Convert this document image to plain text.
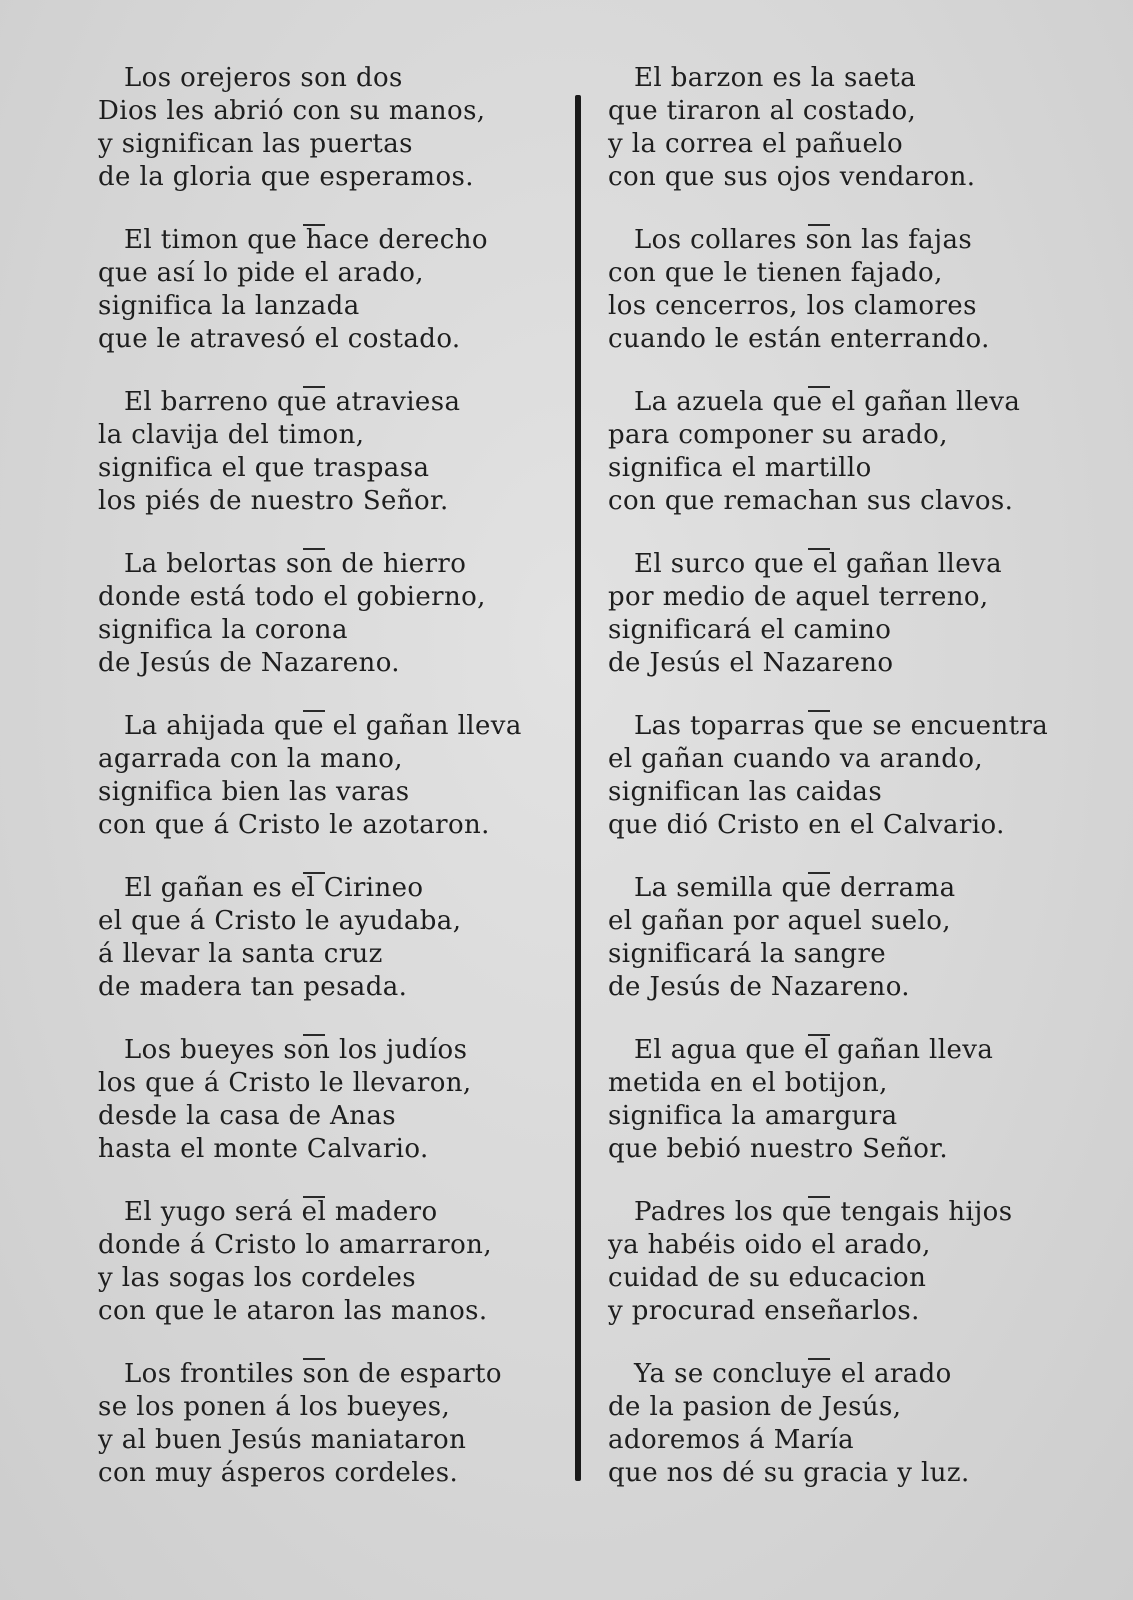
Los orejeros son dos
Dios les abrió con su manos,
y significan las puertas
de la gloria que esperamos.
El timon que hace derecho
que así lo pide el arado,
significa la lanzada
que le atravesó el costado.
El barreno que atraviesa
la clavija del timon,
significa el que traspasa
los piés de nuestro Señor.
La belortas son de hierro
donde está todo el gobierno,
significa la corona
de Jesús de Nazareno.
La ahijada que el gañan lleva
agarrada con la mano,
significa bien las varas
con que á Cristo le azotaron.
El gañan es el Cirineo
el que á Cristo le ayudaba,
á llevar la santa cruz
de madera tan pesada.
Los bueyes son los judíos
los que á Cristo le llevaron,
desde la casa de Anas
hasta el monte Calvario.
El yugo será el madero
donde á Cristo lo amarraron,
y las sogas los cordeles
con que le ataron las manos.
Los frontiles son de esparto
se los ponen á los bueyes,
y al buen Jesús maniataron
con muy ásperos cordeles.
El barzon es la saeta
que tiraron al costado,
y la correa el pañuelo
con que sus ojos vendaron.
Los collares son las fajas
con que le tienen fajado,
los cencerros, los clamores
cuando le están enterrando.
La azuela que el gañan lleva
para componer su arado,
significa el martillo
con que remachan sus clavos.
El surco que el gañan lleva
por medio de aquel terreno,
significará el camino
de Jesús el Nazareno
Las toparras que se encuentra
el gañan cuando va arando,
significan las caidas
que dió Cristo en el Calvario.
La semilla que derrama
el gañan por aquel suelo,
significará la sangre
de Jesús de Nazareno.
El agua que el gañan lleva
metida en el botijon,
significa la amargura
que bebió nuestro Señor.
Padres los que tengais hijos
ya habéis oido el arado,
cuidad de su educacion
y procurad enseñarlos.
Ya se concluye el arado
de la pasion de Jesús,
adoremos á María
que nos dé su gracia y luz.
